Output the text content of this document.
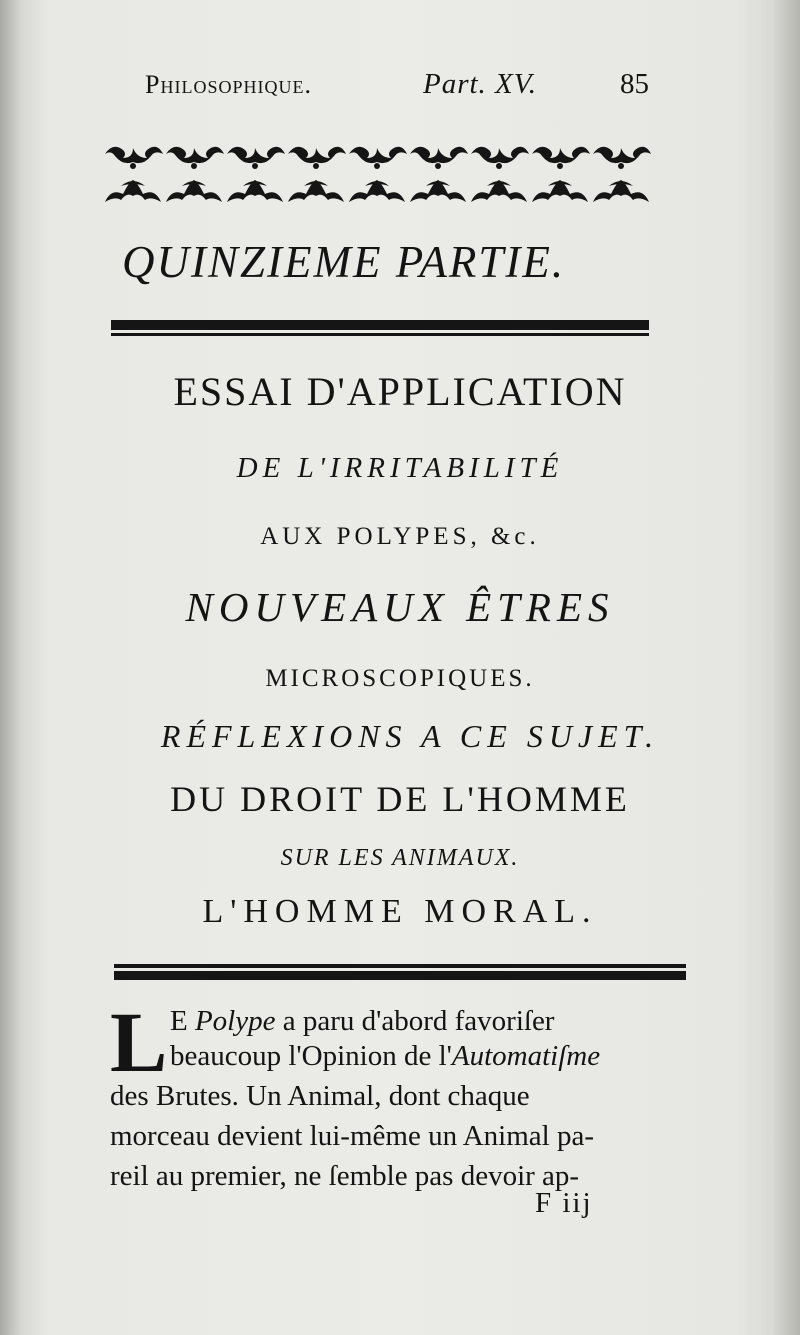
Philosophique.	Part. XV.	85
QUINZIEME PARTIE.
ESSAI D'APPLICATION
DE L'IRRITABILITÉ
AUX POLYPES, &c.
NOUVEAUX ÊTRES
MICROSCOPIQUES.
RÉFLEXIONS A CE SUJET.
DU DROIT DE L'HOMME
SUR LES ANIMAUX.
L'HOMME MORAL.
L E Polype a paru d'abord favoriſer
beaucoup l'Opinion de l'Automatiſme
des Brutes. Un Animal, dont chaque
morceau devient lui-même un Animal pa-
reil au premier, ne ſemble pas devoir ap-
F iij
